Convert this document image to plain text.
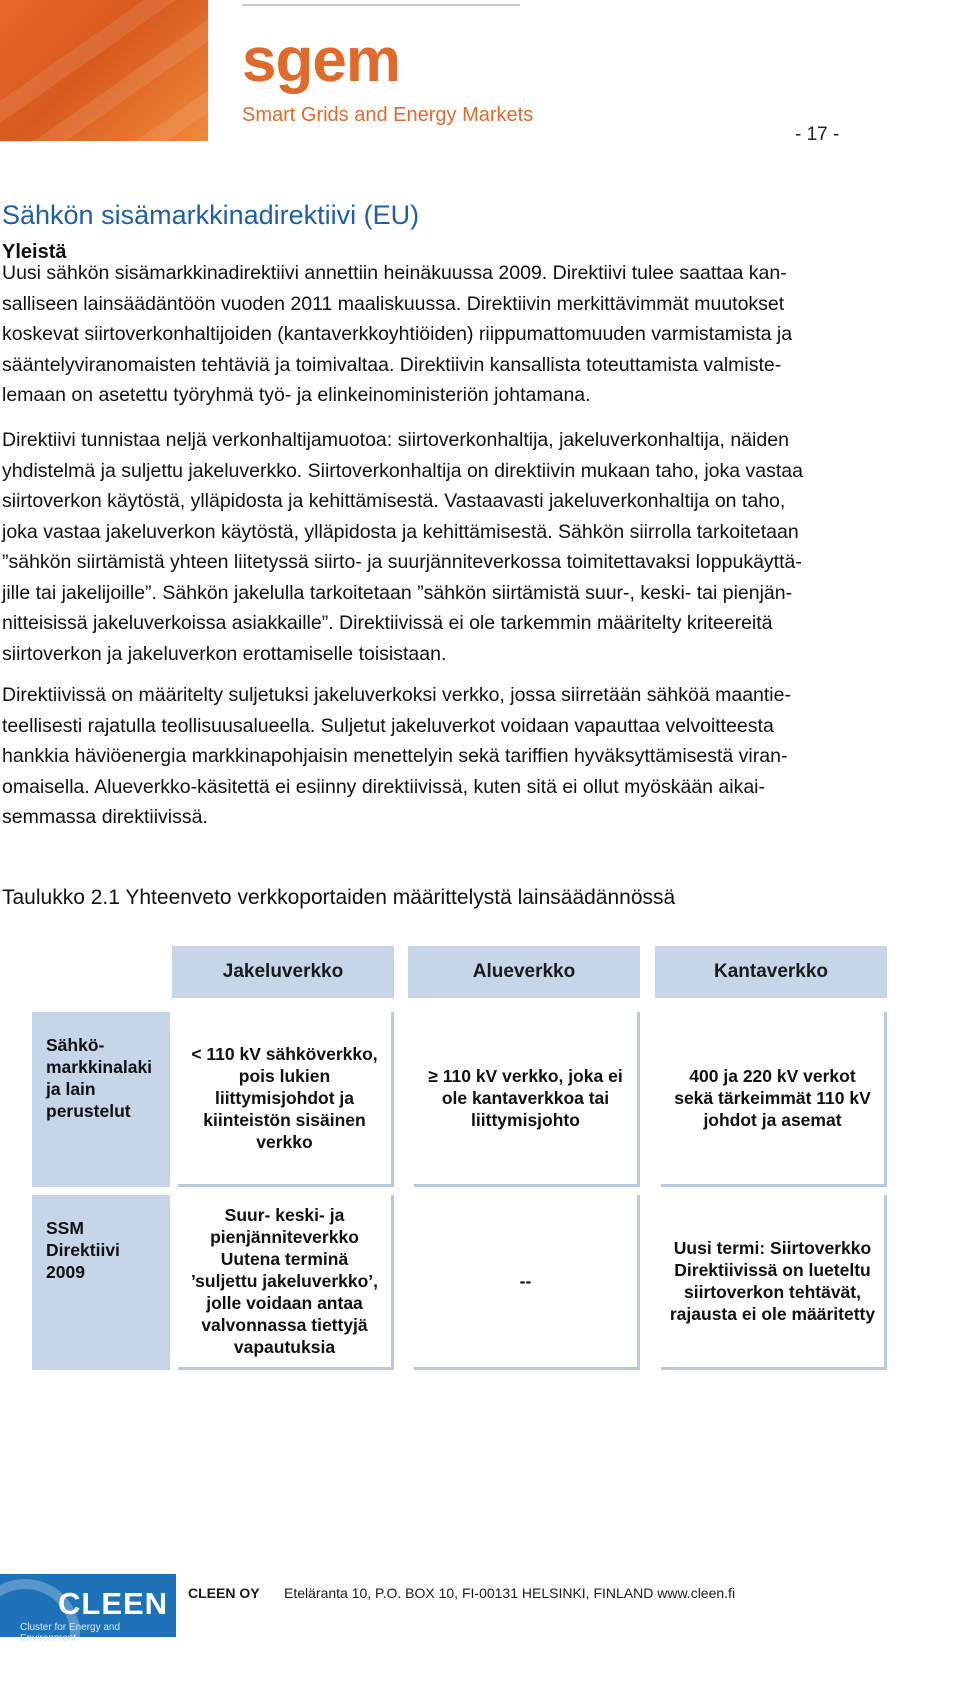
sgem
Smart Grids and Energy Markets
- 17 -
Sähkön sisämarkkinadirektiivi (EU)
Yleistä
Uusi sähkön sisämarkkinadirektiivi annettiin heinäkuussa 2009. Direktiivi tulee saattaa kan-
salliseen lainsäädäntöön vuoden 2011 maaliskuussa. Direktiivin merkittävimmät muutokset
koskevat siirtoverkonhaltijoiden (kantaverkkoyhtiöiden) riippumattomuuden varmistamista ja
sääntelyviranomaisten tehtäviä ja toimivaltaa. Direktiivin kansallista toteuttamista valmiste-
lemaan on asetettu työryhmä työ- ja elinkeinoministeriön johtamana.
Direktiivi tunnistaa neljä verkonhaltijamuotoa: siirtoverkonhaltija, jakeluverkonhaltija, näiden
yhdistelmä ja suljettu jakeluverkko. Siirtoverkonhaltija on direktiivin mukaan taho, joka vastaa
siirtoverkon käytöstä, ylläpidosta ja kehittämisestä. Vastaavasti jakeluverkonhaltija on taho,
joka vastaa jakeluverkon käytöstä, ylläpidosta ja kehittämisestä. Sähkön siirrolla tarkoitetaan
”sähkön siirtämistä yhteen liitetyssä siirto- ja suurjänniteverkossa toimitettavaksi loppukäyttä-
jille tai jakelijoille”. Sähkön jakelulla tarkoitetaan ”sähkön siirtämistä suur-, keski- tai pienjän-
nitteisissä jakeluverkoissa asiakkaille”. Direktiivissä ei ole tarkemmin määritelty kriteereitä
siirtoverkon ja jakeluverkon erottamiselle toisistaan.
Direktiivissä on määritelty suljetuksi jakeluverkoksi verkko, jossa siirretään sähköä maantie-
teellisesti rajatulla teollisuusalueella. Suljetut jakeluverkot voidaan vapauttaa velvoitteesta
hankkia häviöenergia markkinapohjaisin menettelyin sekä tariffien hyväksyttämisestä viran-
omaisella. Alueverkko-käsitettä ei esiinny direktiivissä, kuten sitä ei ollut myöskään aikai-
semmassa direktiivissä.
Taulukko 2.1 Yhteenveto verkkoportaiden määrittelystä lainsäädännössä
Jakeluverkko	Alueverkko	Kantaverkko
Sähkö-
markkinalaki
ja lain
perustelut
< 110 kV sähköverkko,
pois lukien
liittymisjohdot ja
kiinteistön sisäinen
verkko
≥ 110 kV verkko, joka ei
ole kantaverkkoa tai
liittymisjohto
400 ja 220 kV verkot
sekä tärkeimmät 110 kV
johdot ja asemat
SSM
Direktiivi
2009
Suur- keski- ja
pienjänniteverkko
Uutena terminä
’suljettu jakeluverkko’,
jolle voidaan antaa
valvonnassa tiettyjä
vapautuksia
--
Uusi termi: Siirtoverkko
Direktiivissä on lueteltu
siirtoverkon tehtävät,
rajausta ei ole määritetty
CLEEN
Cluster for Energy and Environment
CLEEN OY Eteläranta 10, P.O. BOX 10, FI-00131 HELSINKI, FINLAND www.cleen.fi
